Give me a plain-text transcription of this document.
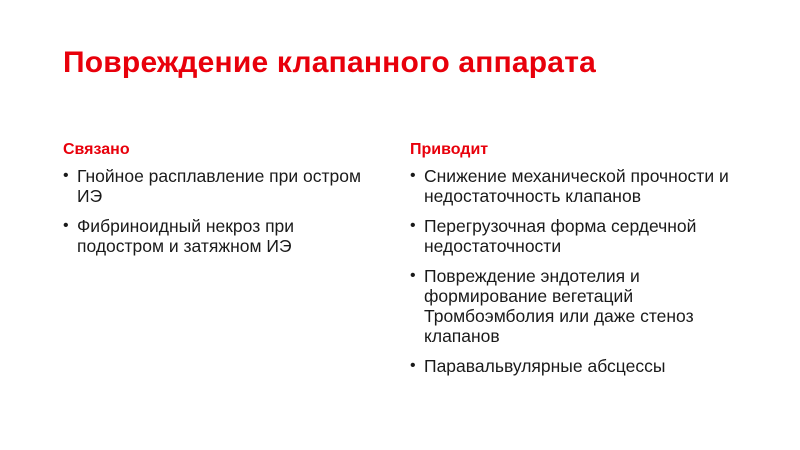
Повреждение клапанного аппарата
Связано
• Гнойное расплавление при остром ИЭ
• Фибриноидный некроз при подостром и затяжном ИЭ
Приводит
• Снижение механической прочности и недостаточность клапанов
• Перегрузочная форма сердечной недостаточности
• Повреждение эндотелия и формирование вегетаций Тромбоэмболия или даже стеноз клапанов
• Паравальвулярные абсцессы
